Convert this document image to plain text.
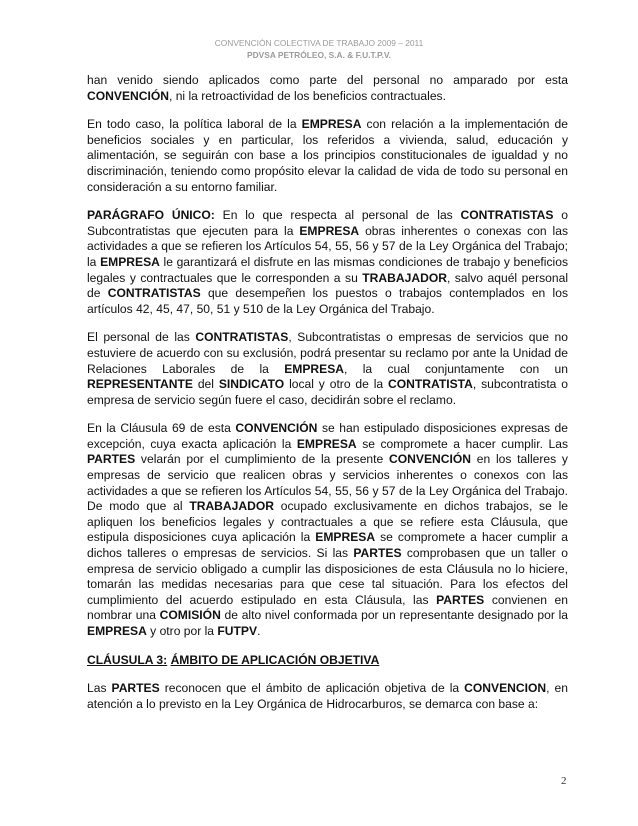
CONVENCIÓN COLECTIVA DE TRABAJO 2009 – 2011
PDVSA PETRÓLEO, S.A. & F.U.T.P.V.

han venido siendo aplicados como parte del personal no amparado por esta CONVENCIÓN, ni la retroactividad de los beneficios contractuales.

En todo caso, la política laboral de la EMPRESA con relación a la implementación de beneficios sociales y en particular, los referidos a vivienda, salud, educación y alimentación, se seguirán con base a los principios constitucionales de igualdad y no discriminación, teniendo como propósito elevar la calidad de vida de todo su personal en consideración a su entorno familiar.

PARÁGRAFO ÚNICO: En lo que respecta al personal de las CONTRATISTAS o Subcontratistas que ejecuten para la EMPRESA obras inherentes o conexas con las actividades a que se refieren los Artículos 54, 55, 56 y 57 de la Ley Orgánica del Trabajo; la EMPRESA le garantizará el disfrute en las mismas condiciones de trabajo y beneficios legales y contractuales que le corresponden a su TRABAJADOR, salvo aquél personal de CONTRATISTAS que desempeñen los puestos o trabajos contemplados en los artículos 42, 45, 47, 50, 51 y 510 de la Ley Orgánica del Trabajo.

El personal de las CONTRATISTAS, Subcontratistas o empresas de servicios que no estuviere de acuerdo con su exclusión, podrá presentar su reclamo por ante la Unidad de Relaciones Laborales de la EMPRESA, la cual conjuntamente con un REPRESENTANTE del SINDICATO local y otro de la CONTRATISTA, subcontratista o empresa de servicio según fuere el caso, decidirán sobre el reclamo.

En la Cláusula 69 de esta CONVENCIÓN se han estipulado disposiciones expresas de excepción, cuya exacta aplicación la EMPRESA se compromete a hacer cumplir. Las PARTES velarán por el cumplimiento de la presente CONVENCIÓN en los talleres y empresas de servicio que realicen obras y servicios inherentes o conexos con las actividades a que se refieren los Artículos 54, 55, 56 y 57 de la Ley Orgánica del Trabajo. De modo que al TRABAJADOR ocupado exclusivamente en dichos trabajos, se le apliquen los beneficios legales y contractuales a que se refiere esta Cláusula, que estipula disposiciones cuya aplicación la EMPRESA se compromete a hacer cumplir a dichos talleres o empresas de servicios. Si las PARTES comprobasen que un taller o empresa de servicio obligado a cumplir las disposiciones de esta Cláusula no lo hiciere, tomarán las medidas necesarias para que cese tal situación. Para los efectos del cumplimiento del acuerdo estipulado en esta Cláusula, las PARTES convienen en nombrar una COMISIÓN de alto nivel conformada por un representante designado por la EMPRESA y otro por la FUTPV.

CLÁUSULA 3: ÁMBITO DE APLICACIÓN OBJETIVA

Las PARTES reconocen que el ámbito de aplicación objetiva de la CONVENCION, en atención a lo previsto en la Ley Orgánica de Hidrocarburos, se demarca con base a:

2
